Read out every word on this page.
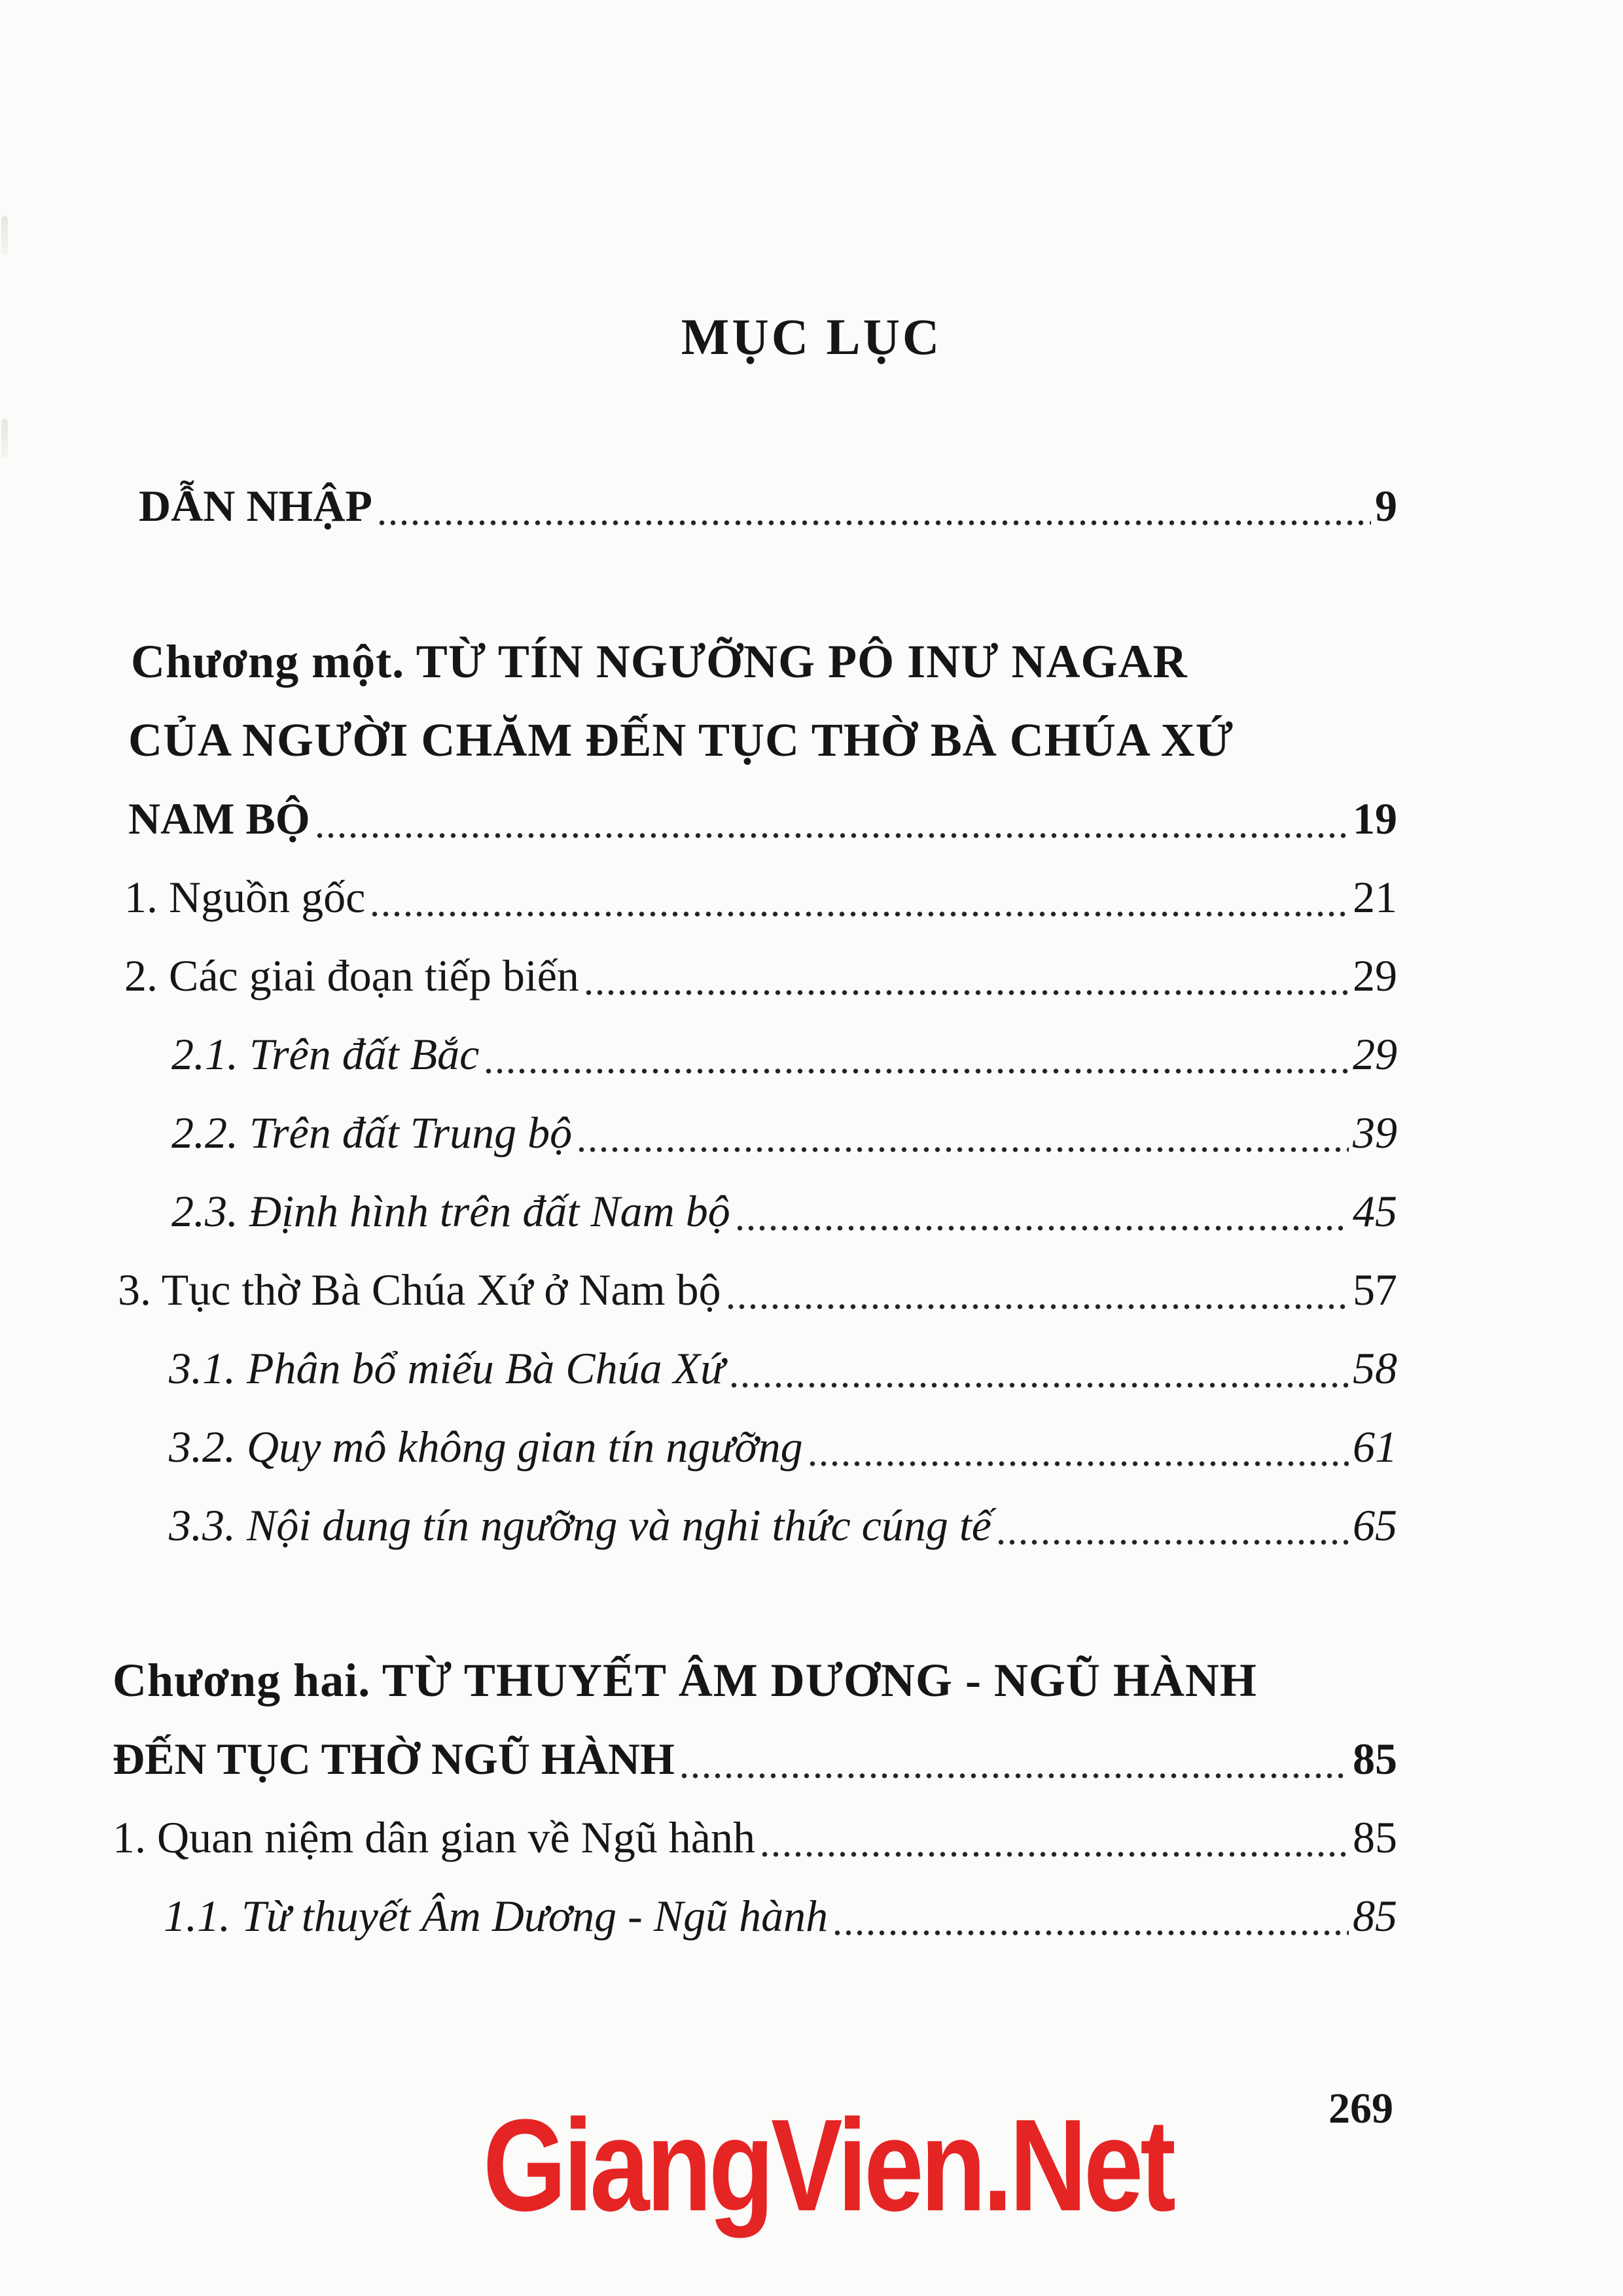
MỤC LỤC
DẪN NHẬP	9
Chương một. TỪ TÍN NGƯỠNG PÔ INƯ NAGAR
CỦA NGƯỜI CHĂM ĐẾN TỤC THỜ BÀ CHÚA XỨ
NAM BỘ	19
1. Nguồn gốc	21
2. Các giai đoạn tiếp biến	29
2.1. Trên đất Bắc	29
2.2. Trên đất Trung bộ	39
2.3. Định hình trên đất Nam bộ	45
3. Tục thờ Bà Chúa Xứ ở Nam bộ	57
3.1. Phân bổ miếu Bà Chúa Xứ	58
3.2. Quy mô không gian tín ngưỡng	61
3.3. Nội dung tín ngưỡng và nghi thức cúng tế	65
Chương hai. TỪ THUYẾT ÂM DƯƠNG - NGŨ HÀNH
ĐẾN TỤC THỜ NGŨ HÀNH	85
1. Quan niệm dân gian về Ngũ hành	85
1.1. Từ thuyết Âm Dương - Ngũ hành	85
269
GiangVien.Net
